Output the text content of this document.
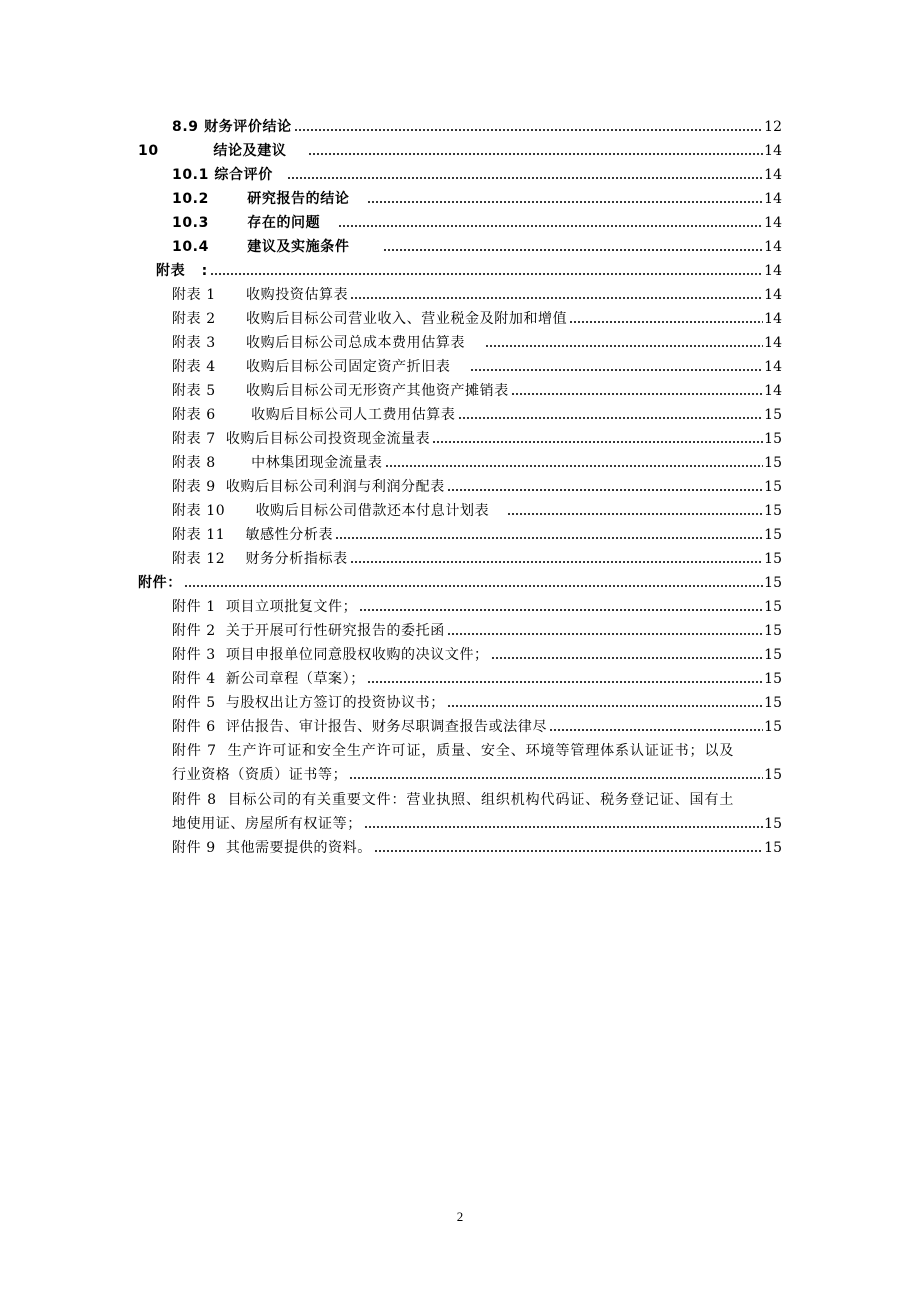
8.9 财务评价结论	12
10          结论及建议	14
10.1 综合评价	14
10.2       研究报告的结论	14
10.3       存在的问题	14
10.4       建议及实施条件	14
附表   :	14
附表 1      收购投资估算表	14
附表 2      收购后目标公司营业收入、营业税金及附加和增值	14
附表 3      收购后目标公司总成本费用估算表	14
附表 4      收购后目标公司固定资产折旧表	14
附表 5      收购后目标公司无形资产其他资产摊销表	14
附表 6       收购后目标公司人工费用估算表	15
附表 7  收购后目标公司投资现金流量表	15
附表 8       中林集团现金流量表	15
附表 9  收购后目标公司利润与利润分配表	15
附表 10      收购后目标公司借款还本付息计划表	15
附表 11    敏感性分析表	15
附表 12    财务分析指标表	15
附件：	15
附件 1  项目立项批复文件；	15
附件 2  关于开展可行性研究报告的委托函	15
附件 3  项目申报单位同意股权收购的决议文件；	15
附件 4  新公司章程（草案）；	15
附件 5  与股权出让方签订的投资协议书；	15
附件 6  评估报告、审计报告、财务尽职调查报告或法律尽	15
附件 7  生产许可证和安全生产许可证，质量、安全、环境等管理体系认证证书；以及
行业资格（资质）证书等；	15
附件 8  目标公司的有关重要文件：营业执照、组织机构代码证、税务登记证、国有土
地使用证、房屋所有权证等；	15
附件 9  其他需要提供的资料。	15
2
